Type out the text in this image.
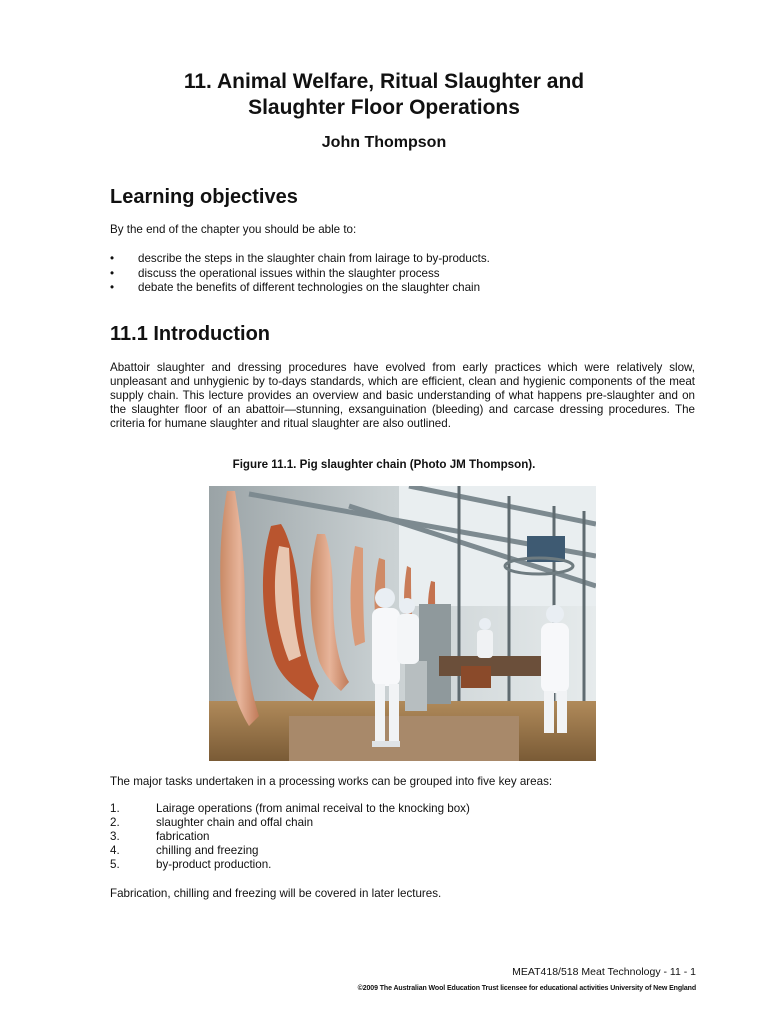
11. Animal Welfare, Ritual Slaughter and
Slaughter Floor Operations
John Thompson
Learning objectives
By the end of the chapter you should be able to:
• describe the steps in the slaughter chain from lairage to by-products.
• discuss the operational issues within the slaughter process
• debate the benefits of different technologies on the slaughter chain
11.1 Introduction
Abattoir slaughter and dressing procedures have evolved from early practices which were relatively slow, unpleasant and unhygienic by to-days standards, which are efficient, clean and hygienic components of the meat supply chain. This lecture provides an overview and basic understanding of what happens pre-slaughter and on the slaughter floor of an abattoir—stunning, exsanguination (bleeding) and carcase dressing procedures. The criteria for humane slaughter and ritual slaughter are also outlined.
Figure 11.1. Pig slaughter chain (Photo JM Thompson).
The major tasks undertaken in a processing works can be grouped into five key areas:
1.	Lairage operations (from animal receival to the knocking box)
2.	slaughter chain and offal chain
3.	fabrication
4.	chilling and freezing
5.	by-product production.
Fabrication, chilling and freezing will be covered in later lectures.
MEAT418/518 Meat Technology - 11 - 1
©2009 The Australian Wool Education Trust licensee for educational activities University of New England
